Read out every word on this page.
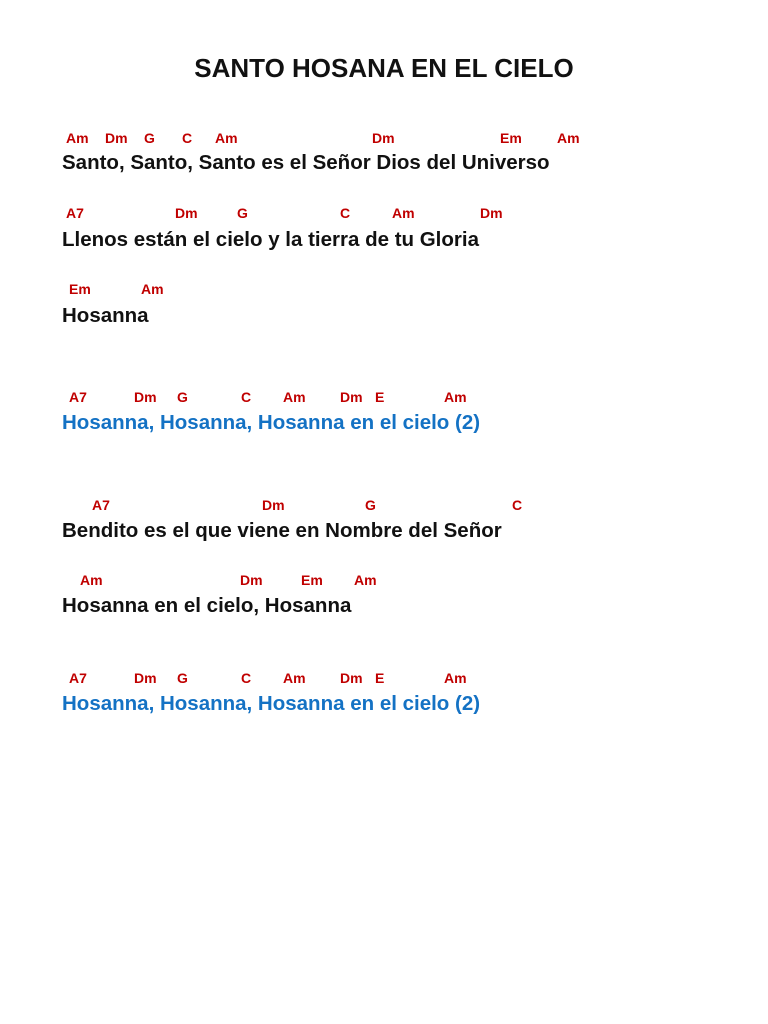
SANTO HOSANA EN EL CIELO
Am Dm G C Am	Dm	Em	Am

Santo, Santo, Santo es el Señor Dios del Universo

A7	Dm	G	C	Am	Dm

Llenos están el cielo y la tierra de tu Gloria

Em	Am

Hosanna

A7	Dm G	C Am Dm E	Am

Hosanna, Hosanna, Hosanna en el cielo (2)

A7	Dm	G	C

Bendito es el que viene en Nombre del Señor

Am	Dm	Em Am

Hosanna en el cielo, Hosanna

A7	Dm G	C Am Dm E	Am

Hosanna, Hosanna, Hosanna en el cielo (2)
